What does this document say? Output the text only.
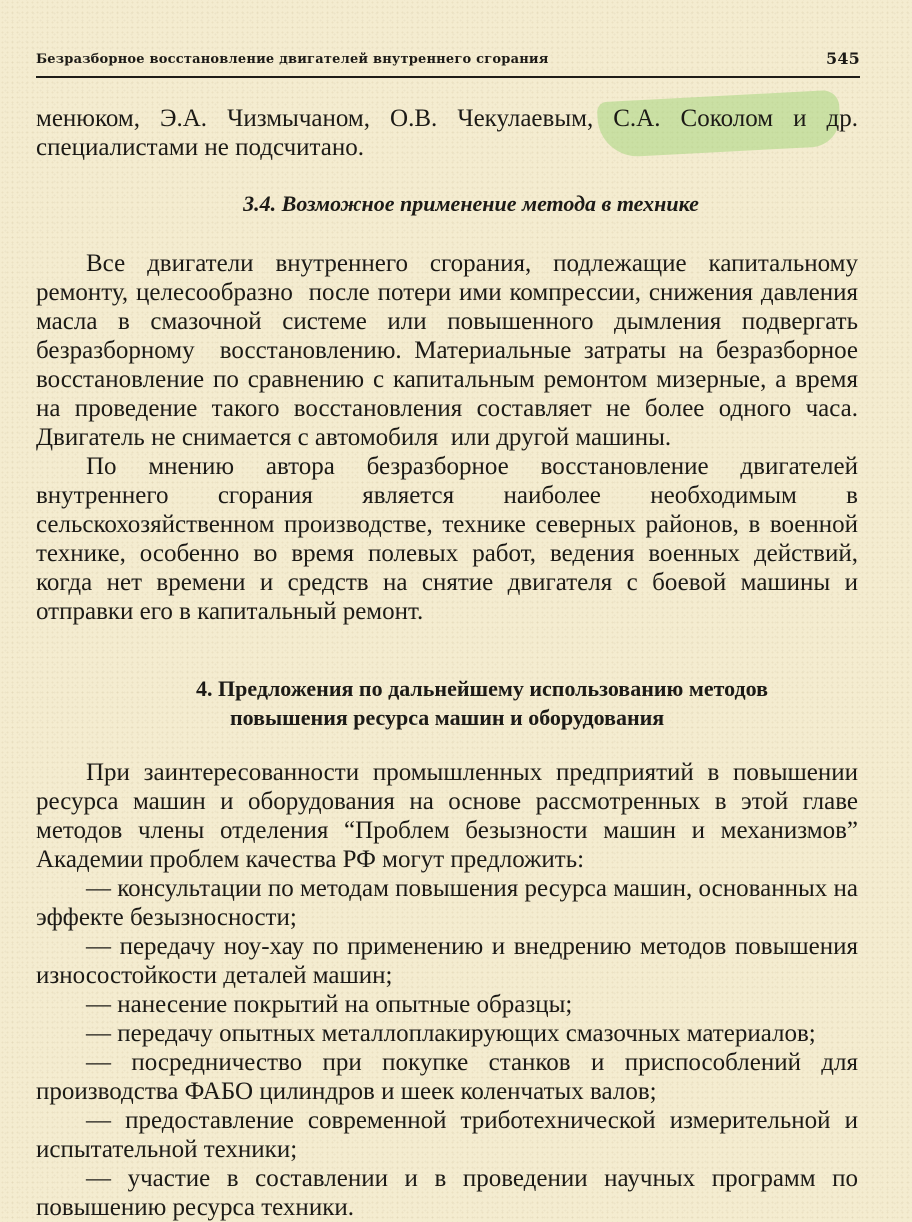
Безразборное восстановление двигателей внутреннего сгорания	545

менюком, Э.А. Чизмычаном, О.В. Чекулаевым, С.А. Соколом и др. специалистами не подсчитано.

3.4. Возможное применение метода в технике

Все двигатели внутреннего сгорания, подлежащие капитальному ремонту, целесообразно  после потери ими компрессии, снижения давления масла в смазочной системе или повышенного дымления подвергать безразборному  восстановлению. Материальные затраты на безразборное восстановление по сравнению с капитальным ремонтом мизерные, а время на проведение такого восстановления составляет не более одного часа. Двигатель не снимается с автомобиля  или другой машины.

По мнению автора безразборное восстановление двигателей внутреннего сгорания является наиболее необходимым в сельскохозяйственном производстве, технике северных районов, в военной технике, особенно во время полевых работ, ведения военных действий, когда нет времени и средств на снятие двигателя с боевой машины и отправки его в капитальный ремонт.

4. Предложения по дальнейшему использованию методов
повышения ресурса машин и оборудования

При заинтересованности промышленных предприятий в повышении ресурса машин и оборудования на основе рассмотренных в этой главе методов члены отделения “Проблем безызности машин и механизмов” Академии проблем качества РФ могут предложить:

— консультации по методам повышения ресурса машин, основанных на эффекте безызносности;

— передачу ноу-хау по применению и внедрению методов повышения износостойкости деталей машин;

— нанесение покрытий на опытные образцы;

— передачу опытных металлоплакирующих смазочных материалов;

— посредничество при покупке станков и приспособлений для производства ФАБО цилиндров и шеек коленчатых валов;

— предоставление современной триботехнической измерительной и испытательной техники;

— участие в составлении и в проведении научных программ по повышению ресурса техники.
